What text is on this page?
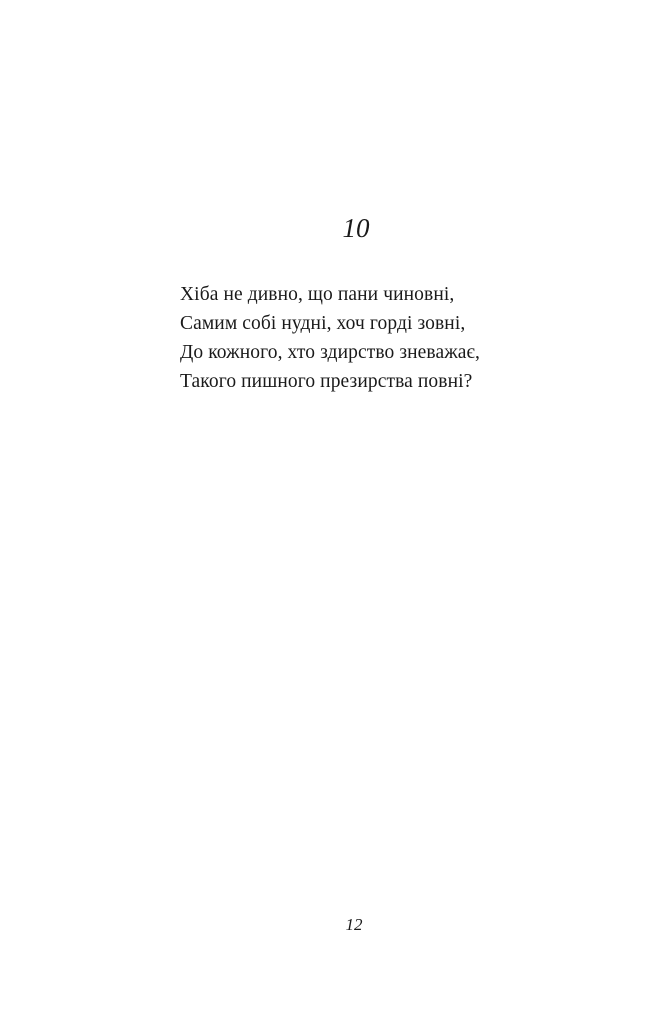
10
Хіба не дивно, що пани чиновні,
Самим собі нудні, хоч горді зовні,
До кожного, хто здирство зневажає,
Такого пишного презирства повні?
12
